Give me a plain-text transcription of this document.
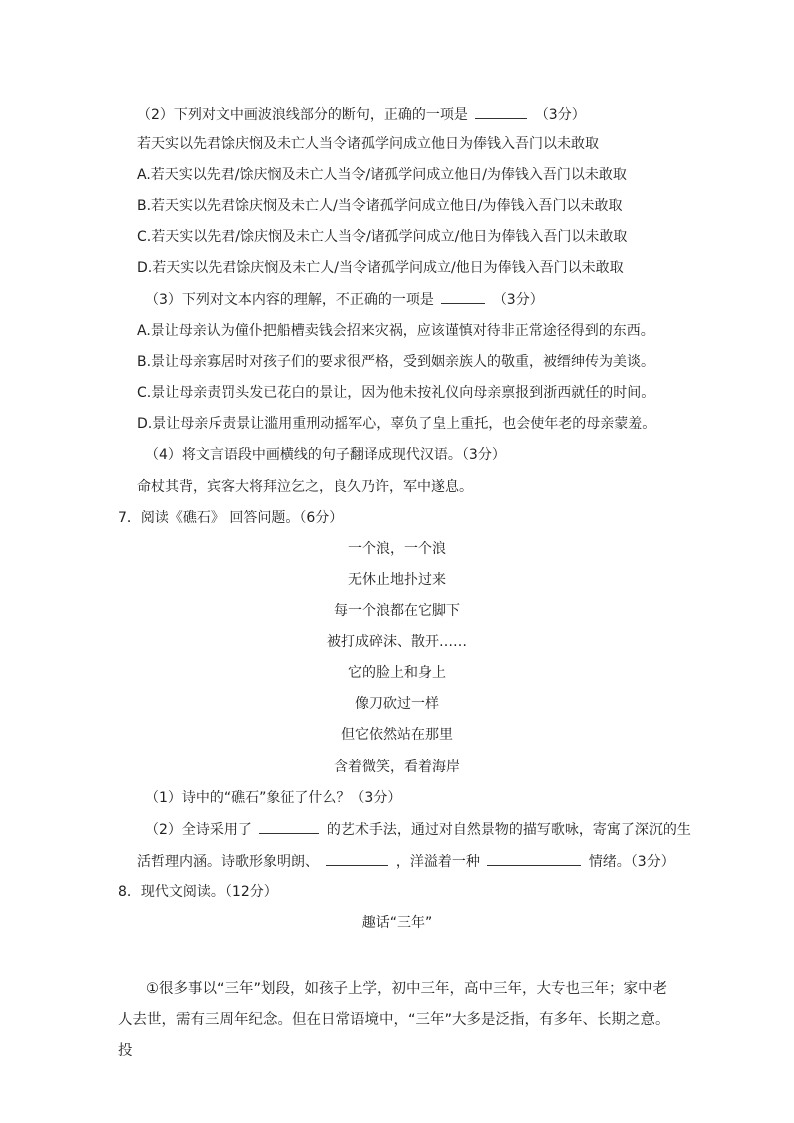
（2）下列对文中画波浪线部分的断句，正确的一项是	（3分）
若天实以先君馀庆悯及未亡人当令诸孤学问成立他日为俸钱入吾门以未敢取
A.若天实以先君/馀庆悯及未亡人当令/诸孤学问成立他日/为俸钱入吾门以未敢取
B.若天实以先君馀庆悯及未亡人/当令诸孤学问成立他日/为俸钱入吾门以未敢取
C.若天实以先君/馀庆悯及未亡人当令/诸孤学问成立/他日为俸钱入吾门以未敢取
D.若天实以先君馀庆悯及未亡人/当令诸孤学问成立/他日为俸钱入吾门以未敢取
（3）下列对文本内容的理解，不正确的一项是	（3分）
A.景让母亲认为僮仆把船槽卖钱会招来灾祸，应该谨慎对待非正常途径得到的东西。
B.景让母亲寡居时对孩子们的要求很严格，受到姻亲族人的敬重，被缙绅传为美谈。
C.景让母亲责罚头发已花白的景让，因为他未按礼仪向母亲禀报到浙西就任的时间。
D.景让母亲斥责景让滥用重刑动摇军心，辜负了皇上重托，也会使年老的母亲蒙羞。
（4）将文言语段中画横线的句子翻译成现代汉语。（3分）
命杖其背，宾客大将拜泣乞之，良久乃许，军中遂息。
7．阅读《礁石》 回答问题。（6分）
一个浪，一个浪
无休止地扑过来
每一个浪都在它脚下
被打成碎沫、散开……
它的脸上和身上
像刀砍过一样
但它依然站在那里
含着微笑，看着海岸
（1）诗中的“礁石”象征了什么？（3分）
（2）全诗采用了	的艺术手法，通过对自然景物的描写歌咏，寄寓了深沉的生
活哲理内涵。诗歌形象明朗、	，洋溢着一种	情绪。（3分）
8．现代文阅读。（12分）
趣话“三年”

①很多事以“三年”划段，如孩子上学，初中三年，高中三年，大专也三年；家中老人去世，需有三周年纪念。但在日常语境中，“三年”大多是泛指，有多年、长期之意。投
